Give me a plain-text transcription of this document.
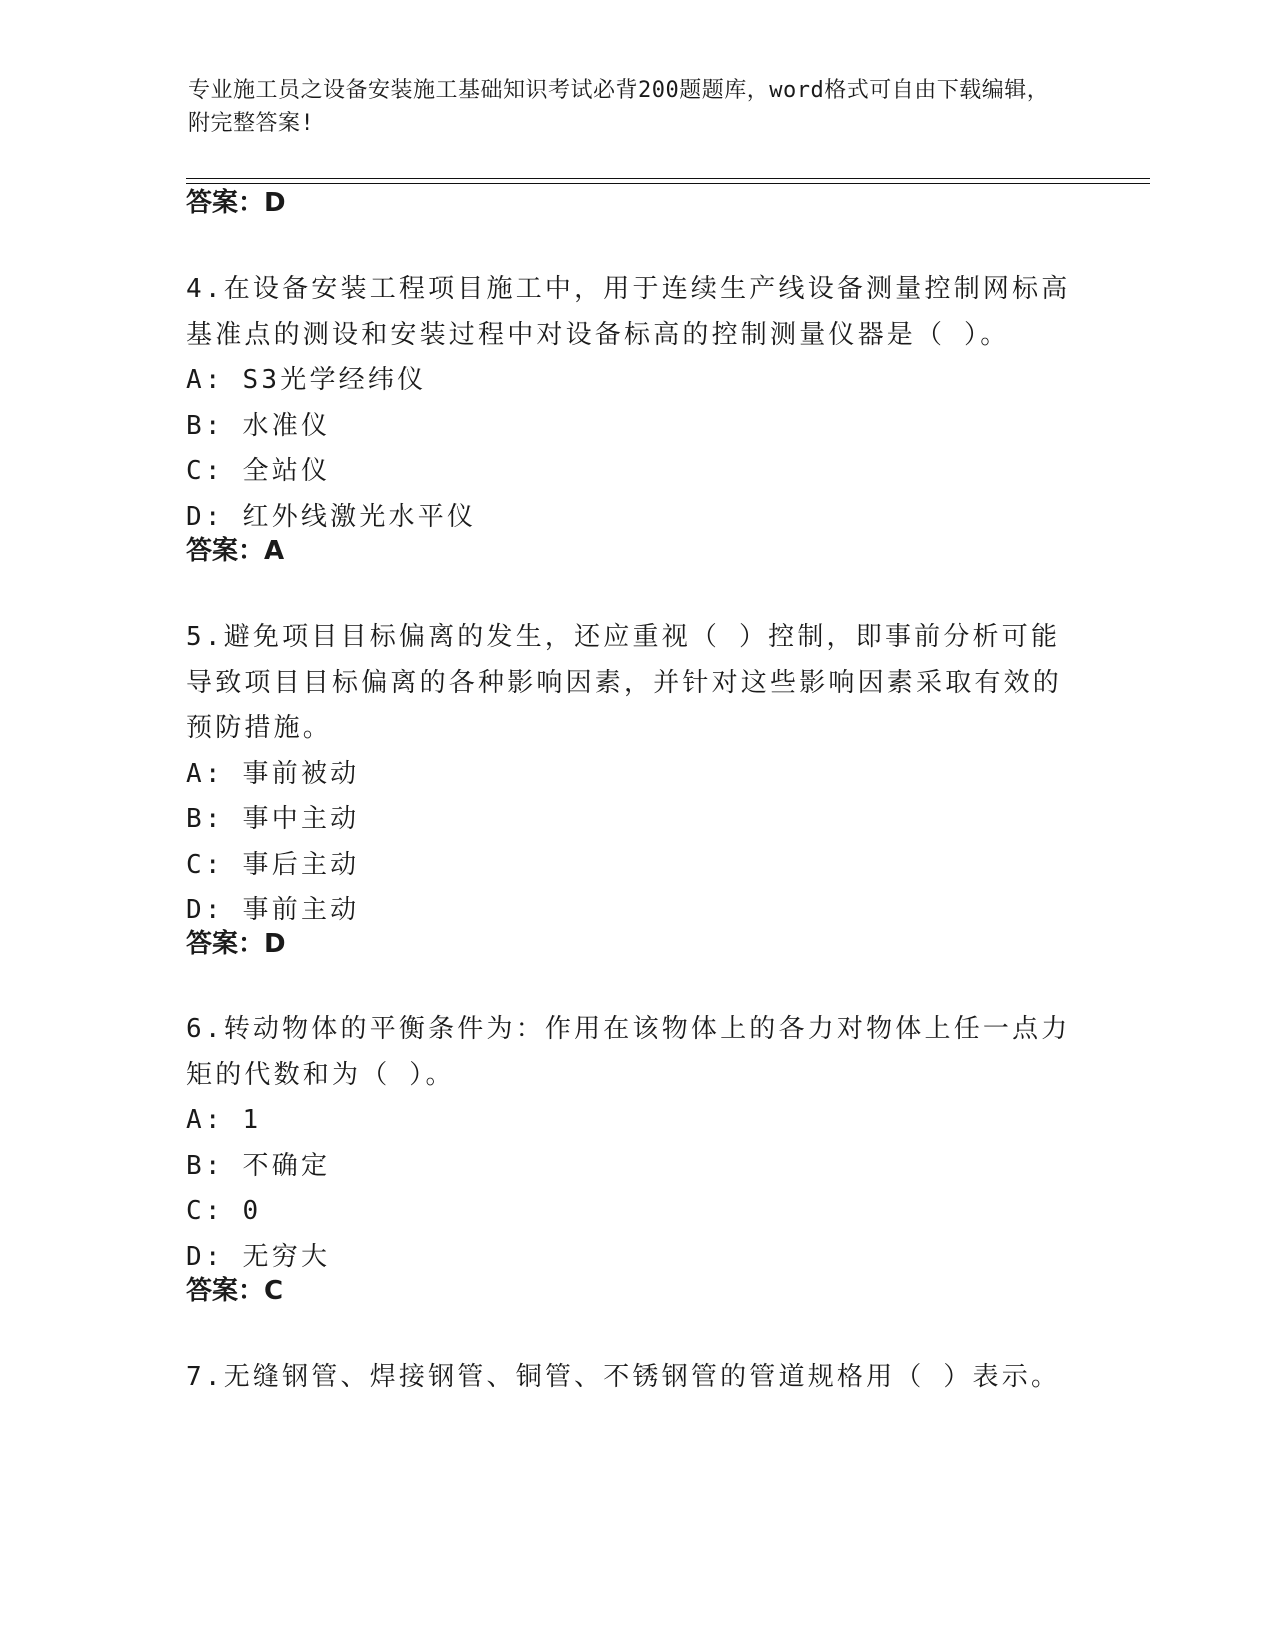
专业施工员之设备安装施工基础知识考试必背200题题库，word格式可自由下载编辑，附完整答案!
答案：D
4.在设备安装工程项目施工中，用于连续生产线设备测量控制网标高基准点的测设和安装过程中对设备标高的控制测量仪器是（ ）。
A: S3光学经纬仪
B: 水准仪
C: 全站仪
D: 红外线激光水平仪
答案：A
5.避免项目目标偏离的发生，还应重视（ ）控制，即事前分析可能导致项目目标偏离的各种影响因素，并针对这些影响因素采取有效的预防措施。
A: 事前被动
B: 事中主动
C: 事后主动
D: 事前主动
答案：D
6.转动物体的平衡条件为：作用在该物体上的各力对物体上任一点力矩的代数和为（ ）。
A: 1
B: 不确定
C: 0
D: 无穷大
答案：C
7.无缝钢管、焊接钢管、铜管、不锈钢管的管道规格用（ ）表示。
